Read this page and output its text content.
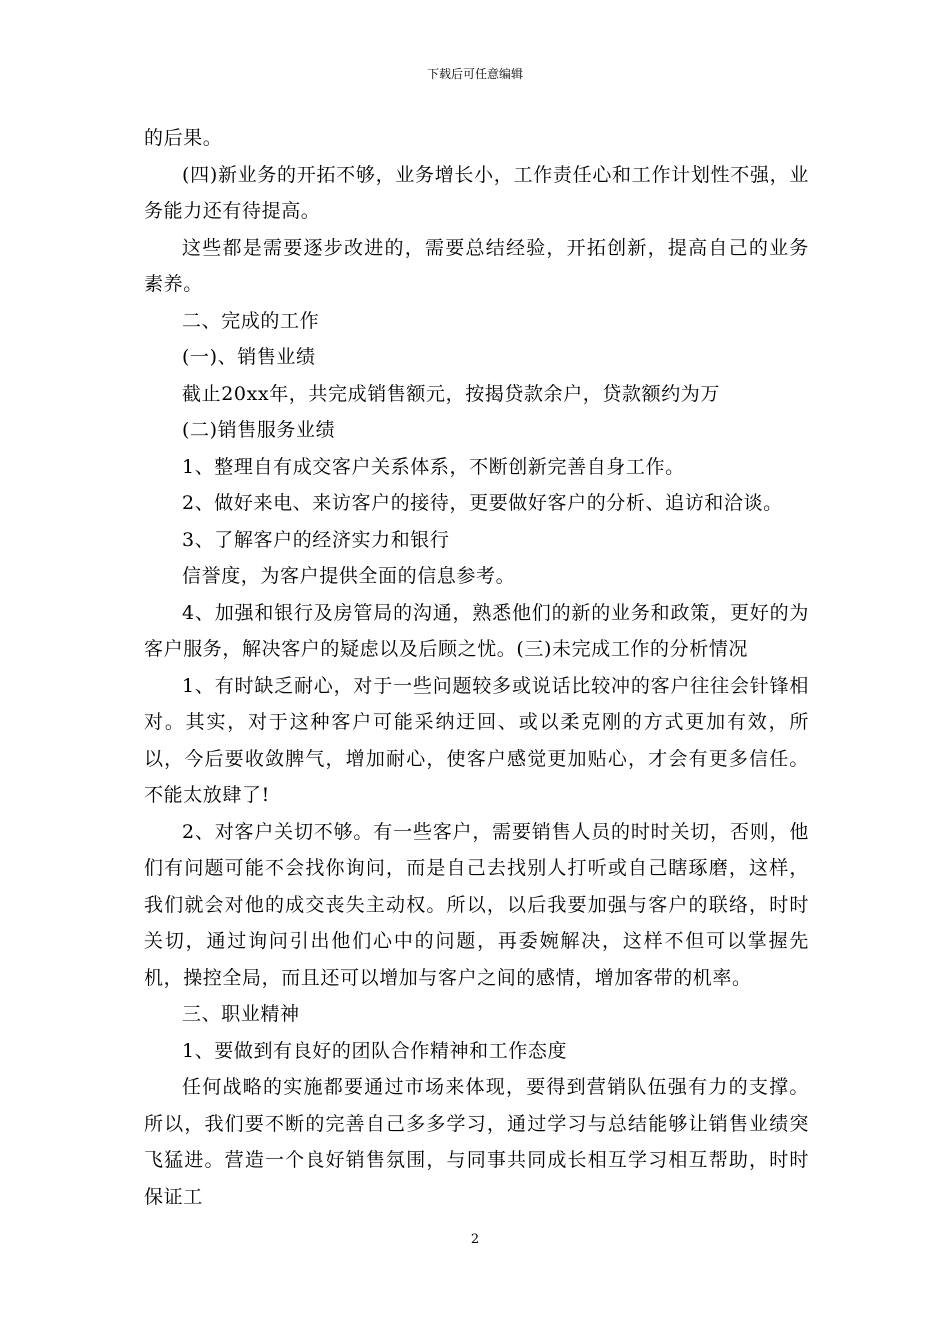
下载后可任意编辑

的后果。

(四)新业务的开拓不够，业务增长小，工作责任心和工作计划性不强，业务能力还有待提高。

这些都是需要逐步改进的，需要总结经验，开拓创新，提高自己的业务素养。

二、完成的工作

(一)、销售业绩

截止20xx年，共完成销售额元，按揭贷款余户，贷款额约为万

(二)销售服务业绩

1、整理自有成交客户关系体系，不断创新完善自身工作。

2、做好来电、来访客户的接待，更要做好客户的分析、追访和洽谈。

3、了解客户的经济实力和银行

信誉度，为客户提供全面的信息参考。

4、加强和银行及房管局的沟通，熟悉他们的新的业务和政策，更好的为客户服务，解决客户的疑虑以及后顾之忧。(三)未完成工作的分析情况

1、有时缺乏耐心，对于一些问题较多或说话比较冲的客户往往会针锋相对。其实，对于这种客户可能采纳迂回、或以柔克刚的方式更加有效，所以，今后要收敛脾气，增加耐心，使客户感觉更加贴心，才会有更多信任。不能太放肆了!

2、对客户关切不够。有一些客户，需要销售人员的时时关切，否则，他们有问题可能不会找你询问，而是自己去找别人打听或自己瞎琢磨，这样，我们就会对他的成交丧失主动权。所以，以后我要加强与客户的联络，时时关切，通过询问引出他们心中的问题，再委婉解决，这样不但可以掌握先机，操控全局，而且还可以增加与客户之间的感情，增加客带的机率。

三、职业精神

1、要做到有良好的团队合作精神和工作态度

任何战略的实施都要通过市场来体现，要得到营销队伍强有力的支撑。所以，我们要不断的完善自己多多学习，通过学习与总结能够让销售业绩突飞猛进。营造一个良好销售氛围，与同事共同成长相互学习相互帮助，时时保证工

2
